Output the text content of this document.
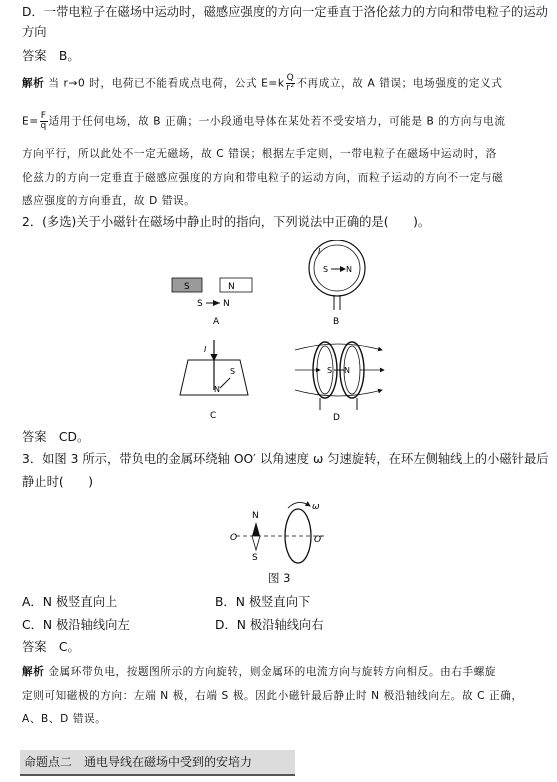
D．一带电粒子在磁场中运动时，磁感应强度的方向一定垂直于洛伦兹力的方向和带电粒子的运动
方向
答案　B。
解析 当 r→0 时，电荷已不能看成点电荷，公式 $E=k \frac{Q}{\text{r²}}$ 不再成立，故 A 错误；电场强度的定义式
$E= \frac{F}{q}$ 适用于任何电场，故 B 正确；一小段通电导体在某处若不受安培力，可能是 B 的方向与电流
方向平行，所以此处不一定无磁场，故 C 错误；根据左手定则，一带电粒子在磁场中运动时，洛
伦兹力的方向一定垂直于磁感应强度的方向和带电粒子的运动方向，而粒子运动的方向不一定与磁
感应强度的方向垂直，故 D 错误。
2．(多选)关于小磁针在磁场中静止时的指向，下列说法中正确的是(　　)。
S	N
S N
A
I
S N
B
I
S
N
C
S N
D
答案　CD。
3．如图 3 所示，带负电的金属环绕轴 OO′ 以角速度 ω 匀速旋转，在环左侧轴线上的小磁针最后
静止时(　　)
ω
O	O′
N
S
图 3
A．N 极竖直向上	B．N 极竖直向下
C．N 极沿轴线向左	D．N 极沿轴线向右
答案　C。
解析 金属环带负电，按题图所示的方向旋转，则金属环的电流方向与旋转方向相反。由右手螺旋
定则可知磁极的方向：左端 N 极，右端 S 极。因此小磁针最后静止时 N 极沿轴线向左。故 C 正确，
A、B、D 错误。
命题点二　通电导线在磁场中受到的安培力
